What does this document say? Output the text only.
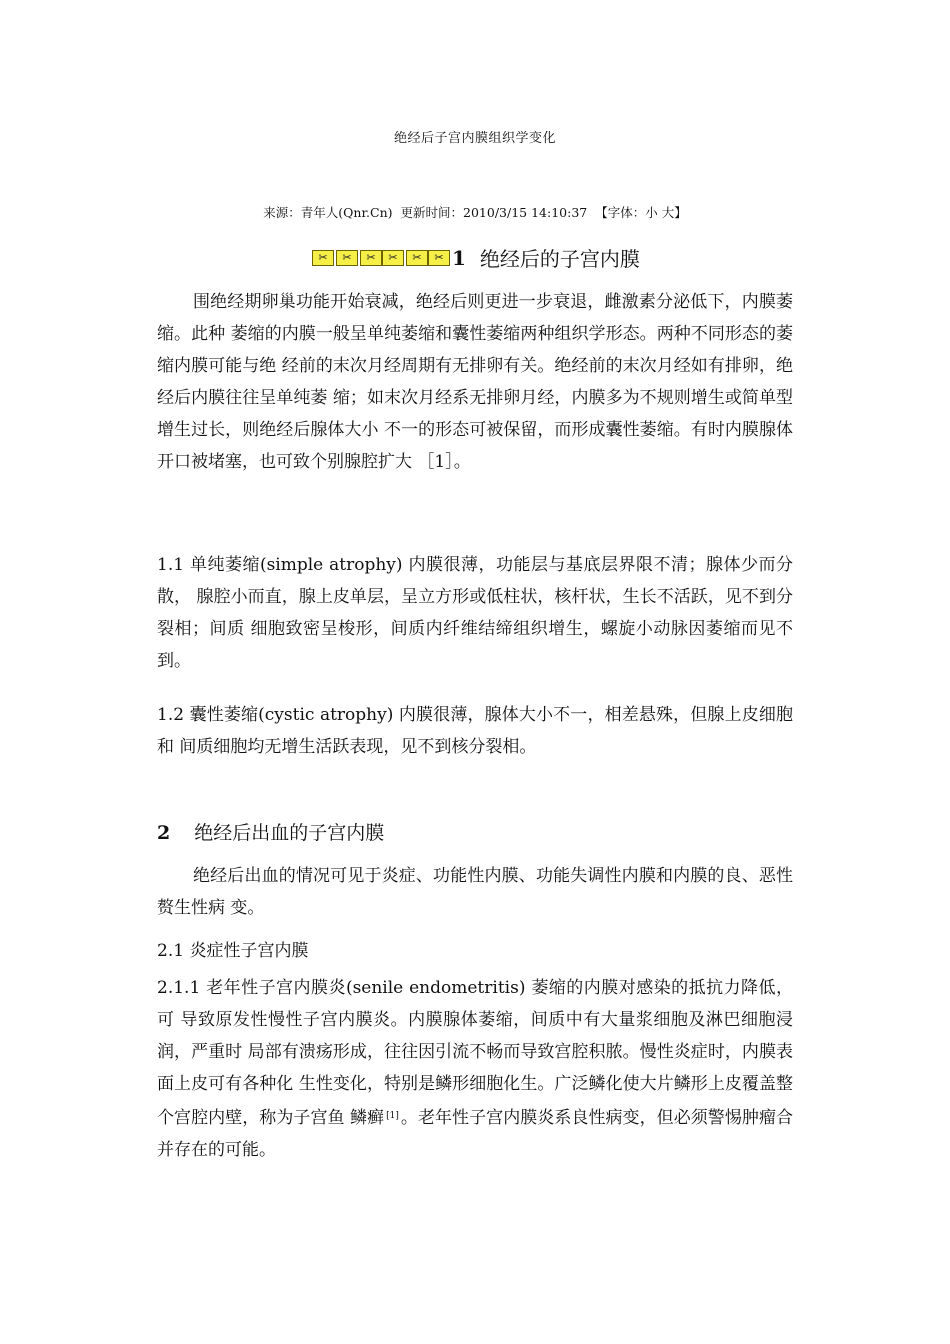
绝经后子宫内膜组织学变化
来源：青年人(Qnr.Cn) 更新时间：2010/3/15 14:10:37 【字体：小 大】
✂	✂	✂	✂	✂	✂ 1 绝经后的子宫内膜
围绝经期卵巢功能开始衰减，绝经后则更进一步衰退，雌激素分泌低下，内膜萎缩。此种 萎缩的内膜一般呈单纯萎缩和囊性萎缩两种组织学形态。两种不同形态的萎缩内膜可能与绝 经前的末次月经周期有无排卵有关。绝经前的末次月经如有排卵，绝经后内膜往往呈单纯萎 缩；如末次月经系无排卵月经，内膜多为不规则增生或简单型增生过长，则绝经后腺体大小 不一的形态可被保留，而形成囊性萎缩。有时内膜腺体开口被堵塞，也可致个别腺腔扩大 ［1］。
1.1 单纯萎缩(simple atrophy) 内膜很薄，功能层与基底层界限不清；腺体少而分散， 腺腔小而直，腺上皮单层，呈立方形或低柱状，核杆状，生长不活跃，见不到分裂相；间质 细胞致密呈梭形，间质内纤维结缔组织增生，螺旋小动脉因萎缩而见不到。
1.2 囊性萎缩(cystic atrophy) 内膜很薄，腺体大小不一，相差悬殊，但腺上皮细胞和 间质细胞均无增生活跃表现，见不到核分裂相。
2 绝经后出血的子宫内膜
绝经后出血的情况可见于炎症、功能性内膜、功能失调性内膜和内膜的良、恶性赘生性病 变。
2.1 炎症性子宫内膜
2.1.1 老年性子宫内膜炎(senile endometritis) 萎缩的内膜对感染的抵抗力降低，可 导致原发性慢性子宫内膜炎。内膜腺体萎缩，间质中有大量浆细胞及淋巴细胞浸润，严重时 局部有溃疡形成，往往因引流不畅而导致宫腔积脓。慢性炎症时，内膜表面上皮可有各种化 生性变化，特别是鳞形细胞化生。广泛鳞化使大片鳞形上皮覆盖整个宫腔内壁，称为子宫鱼 鳞癣 [1] 。老年性子宫内膜炎系良性病变，但必须警惕肿瘤合并存在的可能。
